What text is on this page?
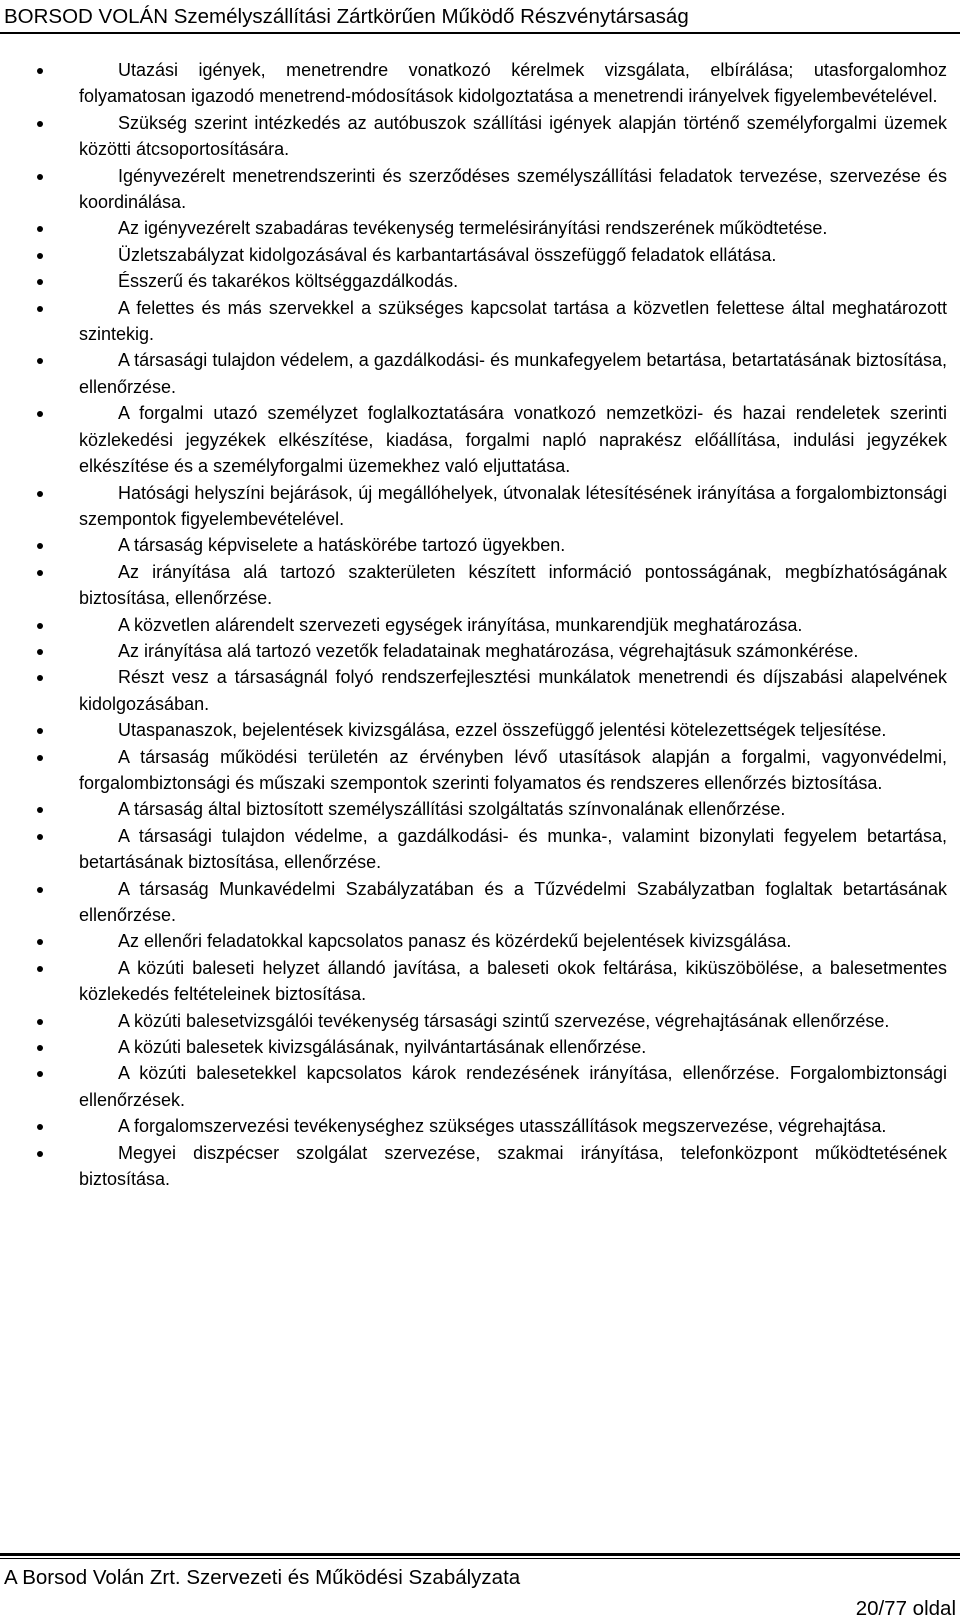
BORSOD VOLÁN Személyszállítási Zártkörűen Működő Részvénytársaság
Utazási igények, menetrendre vonatkozó kérelmek vizsgálata, elbírálása; utasforgalomhoz folyamatosan igazodó menetrend-módosítások kidolgoztatása a menetrendi irányelvek figyelembevételével.
Szükség szerint intézkedés az autóbuszok szállítási igények alapján történő személyforgalmi üzemek közötti átcsoportosítására.
Igényvezérelt menetrendszerinti és szerződéses személyszállítási feladatok tervezése, szervezése és koordinálása.
Az igényvezérelt szabadáras tevékenység termelésirányítási rendszerének működtetése.
Üzletszabályzat kidolgozásával és karbantartásával összefüggő feladatok ellátása.
Ésszerű és takarékos költséggazdálkodás.
A felettes és más szervekkel a szükséges kapcsolat tartása a közvetlen felettese által meghatározott szintekig.
A társasági tulajdon védelem, a gazdálkodási- és munkafegyelem betartása, betartatásának biztosítása, ellenőrzése.
A forgalmi utazó személyzet foglalkoztatására vonatkozó nemzetközi- és hazai rendeletek szerinti közlekedési jegyzékek elkészítése, kiadása, forgalmi napló naprakész előállítása, indulási jegyzékek elkészítése és a személyforgalmi üzemekhez való eljuttatása.
Hatósági helyszíni bejárások, új megállóhelyek, útvonalak létesítésének irányítása a forgalombiztonsági szempontok figyelembevételével.
A társaság képviselete a hatáskörébe tartozó ügyekben.
Az irányítása alá tartozó szakterületen készített információ pontosságának, megbízhatóságának biztosítása, ellenőrzése.
A közvetlen alárendelt szervezeti egységek irányítása, munkarendjük meghatározása.
Az irányítása alá tartozó vezetők feladatainak meghatározása, végrehajtásuk számonkérése.
Részt vesz a társaságnál folyó rendszerfejlesztési munkálatok menetrendi és díjszabási alapelvének kidolgozásában.
Utaspanaszok, bejelentések kivizsgálása, ezzel összefüggő jelentési kötelezettségek teljesítése.
A társaság működési területén az érvényben lévő utasítások alapján a forgalmi, vagyonvédelmi, forgalombiztonsági és műszaki szempontok szerinti folyamatos és rendszeres ellenőrzés biztosítása.
A társaság által biztosított személyszállítási szolgáltatás színvonalának ellenőrzése.
A társasági tulajdon védelme, a gazdálkodási- és munka-, valamint bizonylati fegyelem betartása, betartásának biztosítása, ellenőrzése.
A társaság Munkavédelmi Szabályzatában és a Tűzvédelmi Szabályzatban foglaltak betartásának ellenőrzése.
Az ellenőri feladatokkal kapcsolatos panasz és közérdekű bejelentések kivizsgálása.
A közúti baleseti helyzet állandó javítása, a baleseti okok feltárása, kiküszöbölése, a balesetmentes közlekedés feltételeinek biztosítása.
A közúti balesetvizsgálói tevékenység társasági szintű szervezése, végrehajtásának ellenőrzése.
A közúti balesetek kivizsgálásának, nyilvántartásának ellenőrzése.
A közúti balesetekkel kapcsolatos károk rendezésének irányítása, ellenőrzése. Forgalombiztonsági ellenőrzések.
A forgalomszervezési tevékenységhez szükséges utasszállítások megszervezése, végrehajtása.
Megyei diszpécser szolgálat szervezése, szakmai irányítása, telefonközpont működtetésének biztosítása.
A Borsod Volán Zrt. Szervezeti és Működési Szabályzata
20/77 oldal
